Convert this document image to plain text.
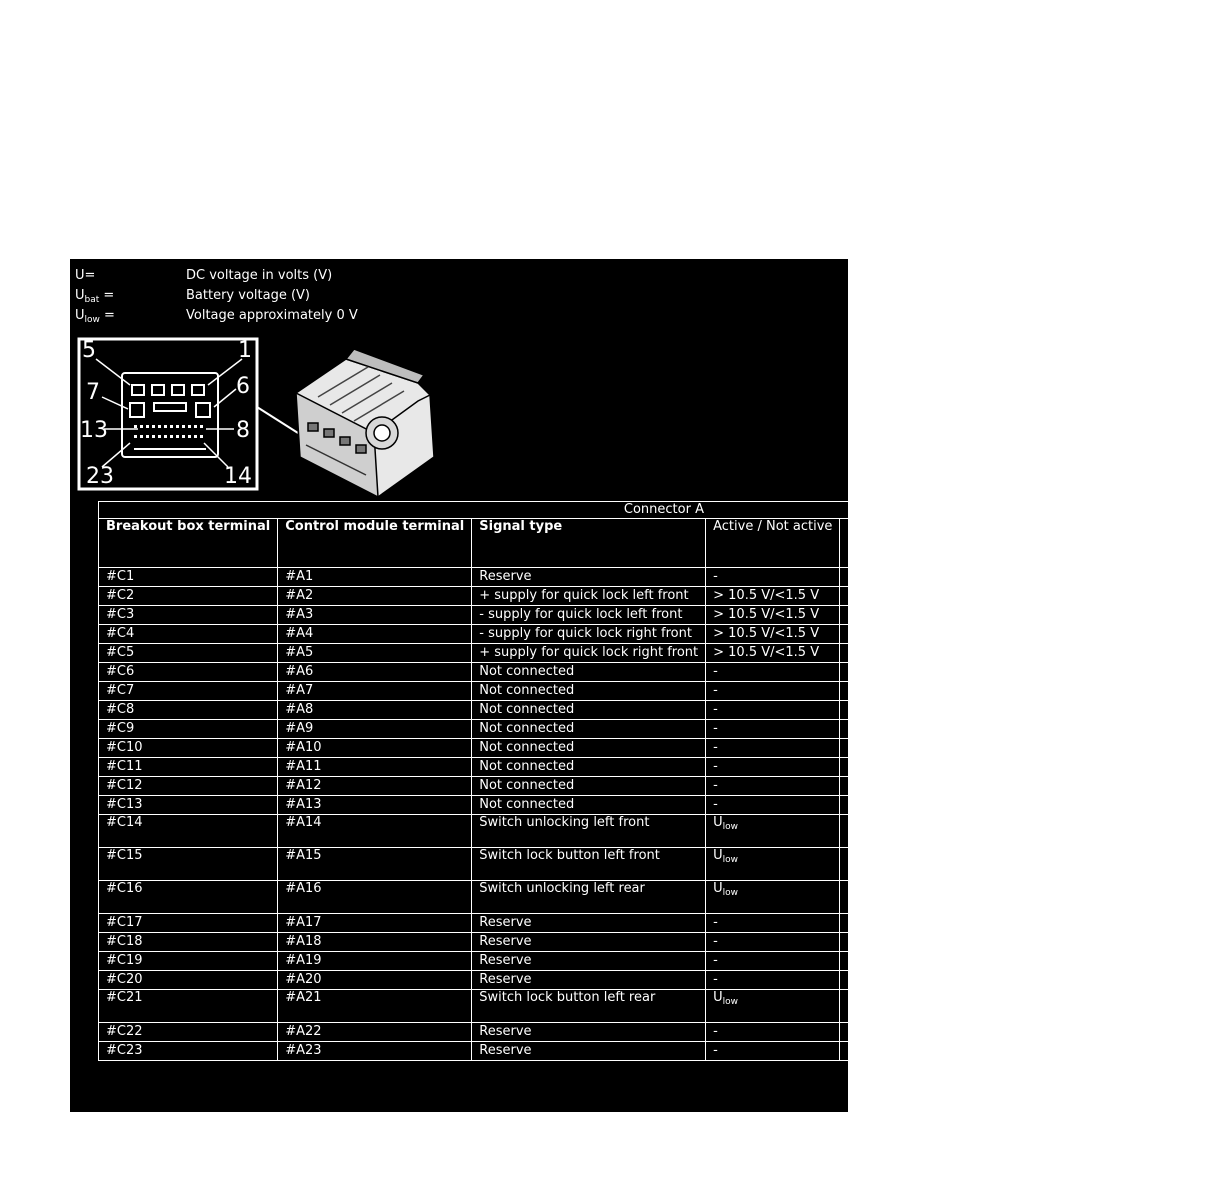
U=	DC voltage in volts (V)
$U_{bat}$ =	Battery voltage (V)
$U_{low}$ =	Voltage approximately 0 V
5	1
7	6
13	8
23	14
Connector A				
Breakout box terminal	Control module terminal	Signal type	Active / Not active	Other
#C1	#A1	Reserve	-	
#C2	#A2	+ supply for quick lock left front	> 10.5 V/<1.5 V	
#C3	#A3	- supply for quick lock left front	> 10.5 V/<1.5 V	
#C4	#A4	- supply for quick lock right front	> 10.5 V/<1.5 V	
#C5	#A5	+ supply for quick lock right front	> 10.5 V/<1.5 V	
#C6	#A6	Not connected	-	
#C7	#A7	Not connected	-	
#C8	#A8	Not connected	-	
#C9	#A9	Not connected	-	
#C10	#A10	Not connected	-	
#C11	#A11	Not connected	-	
#C12	#A12	Not connected	-	
#C13	#A13	Not connected	-	
#C14	#A14	Switch unlocking left front	$U_{low}$	Open-circuit, Ground terminal at activation
#C15	#A15	Switch lock button left front	$U_{low}$	Open-circuit, Ground terminal at activation
#C16	#A16	Switch unlocking left rear	$U_{low}$	Open-circuit, Ground terminal at activation. Not C30/C70
#C17	#A17	Reserve	-	
#C18	#A18	Reserve	-	
#C19	#A19	Reserve	-	
#C20	#A20	Reserve	-	
#C21	#A21	Switch lock button left rear	$U_{low}$	Open-circuit, Ground terminal at activation. Not C30/C70.
#C22	#A22	Reserve	-	
#C23	#A23	Reserve	-	
